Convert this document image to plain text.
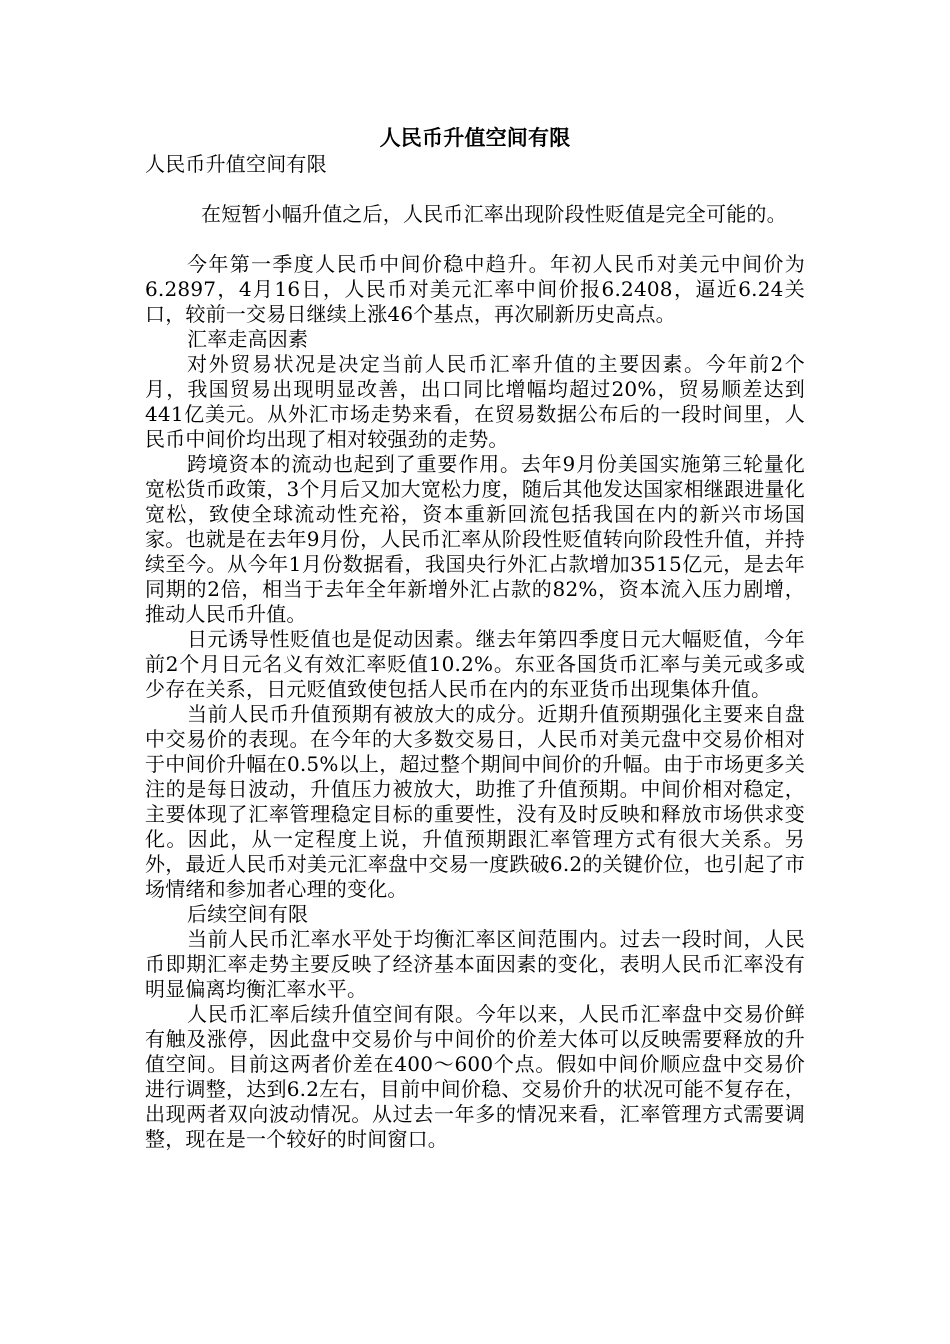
人民币升值空间有限

人民币升值空间有限

在短暂小幅升值之后，人民币汇率出现阶段性贬值是完全可能的。

今年第一季度人民币中间价稳中趋升。年初人民币对美元中间价为6.2897，4月16日，人民币对美元汇率中间价报6.2408，逼近6.24关口，较前一交易日继续上涨46个基点，再次刷新历史高点。

汇率走高因素

对外贸易状况是决定当前人民币汇率升值的主要因素。今年前2个月，我国贸易出现明显改善，出口同比增幅均超过20%，贸易顺差达到441亿美元。从外汇市场走势来看，在贸易数据公布后的一段时间里，人民币中间价均出现了相对较强劲的走势。

跨境资本的流动也起到了重要作用。去年9月份美国实施第三轮量化宽松货币政策，3个月后又加大宽松力度，随后其他发达国家相继跟进量化宽松，致使全球流动性充裕，资本重新回流包括我国在内的新兴市场国家。也就是在去年9月份，人民币汇率从阶段性贬值转向阶段性升值，并持续至今。从今年1月份数据看，我国央行外汇占款增加3515亿元，是去年同期的2倍，相当于去年全年新增外汇占款的82%，资本流入压力剧增，推动人民币升值。

日元诱导性贬值也是促动因素。继去年第四季度日元大幅贬值，今年前2个月日元名义有效汇率贬值10.2%。东亚各国货币汇率与美元或多或少存在关系，日元贬值致使包括人民币在内的东亚货币出现集体升值。

当前人民币升值预期有被放大的成分。近期升值预期强化主要来自盘中交易价的表现。在今年的大多数交易日，人民币对美元盘中交易价相对于中间价升幅在0.5%以上，超过整个期间中间价的升幅。由于市场更多关注的是每日波动，升值压力被放大，助推了升值预期。中间价相对稳定，主要体现了汇率管理稳定目标的重要性，没有及时反映和释放市场供求变化。因此，从一定程度上说，升值预期跟汇率管理方式有很大关系。另外，最近人民币对美元汇率盘中交易一度跌破6.2的关键价位，也引起了市场情绪和参加者心理的变化。

后续空间有限

当前人民币汇率水平处于均衡汇率区间范围内。过去一段时间，人民币即期汇率走势主要反映了经济基本面因素的变化，表明人民币汇率没有明显偏离均衡汇率水平。

人民币汇率后续升值空间有限。今年以来，人民币汇率盘中交易价鲜有触及涨停，因此盘中交易价与中间价的价差大体可以反映需要释放的升值空间。目前这两者价差在400～600个点。假如中间价顺应盘中交易价进行调整，达到6.2左右，目前中间价稳、交易价升的状况可能不复存在，出现两者双向波动情况。从过去一年多的情况来看，汇率管理方式需要调整，现在是一个较好的时间窗口。
